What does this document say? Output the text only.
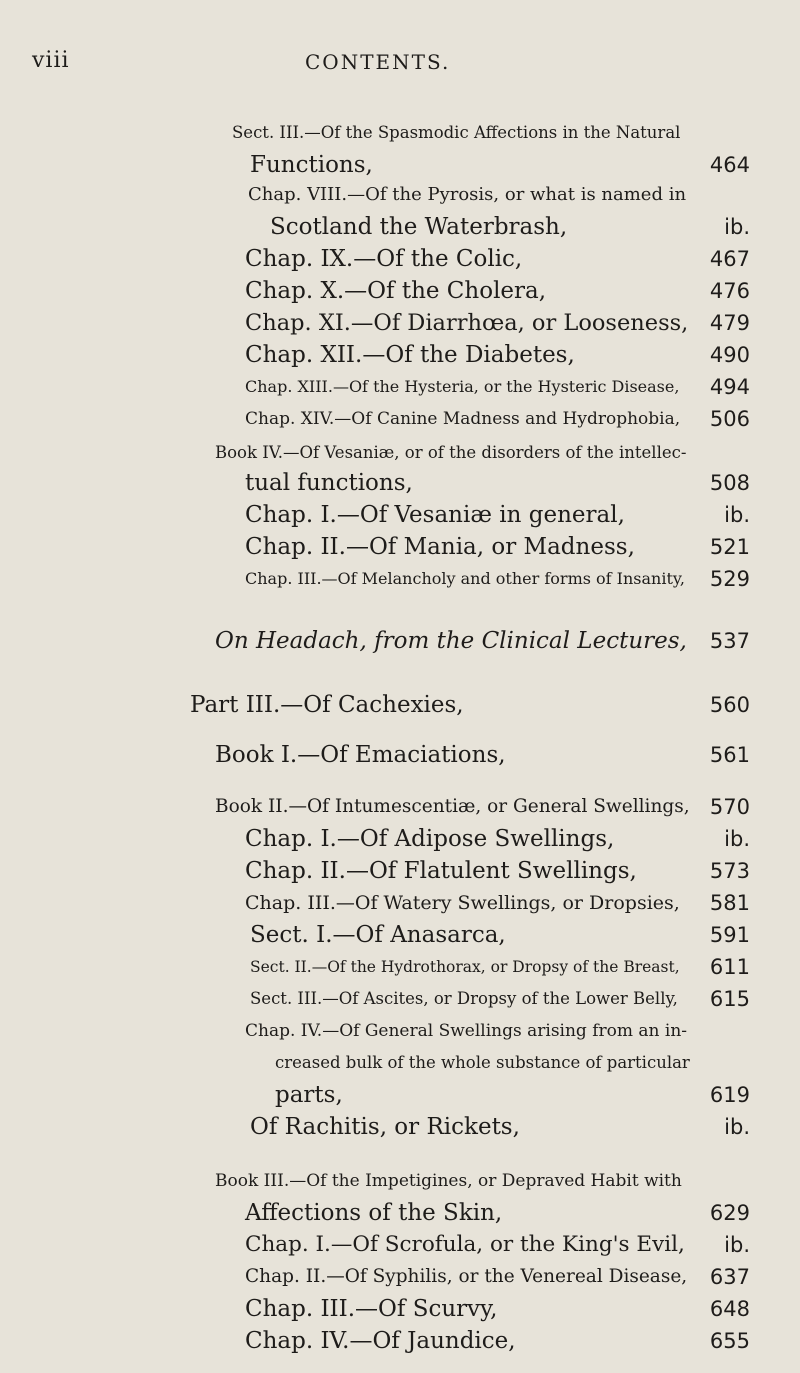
viii	CONTENTS.
Sect. III.—Of the Spasmodic Affections in the Natural
Functions,	464
Chap. VIII.—Of the Pyrosis, or what is named in
Scotland the Waterbrash,	ib.
Chap. IX.—Of the Colic,	467
Chap. X.—Of the Cholera,	476
Chap. XI.—Of Diarrhœa, or Looseness, 479
Chap. XII.—Of the Diabetes,	490
Chap. XIII.—Of the Hysteria, or the Hysteric Disease, 494
Chap. XIV.—Of Canine Madness and Hydrophobia, 506
Book IV.—Of Vesaniæ, or of the disorders of the intellec-
tual functions,	508
Chap. I.—Of Vesaniæ in general,	ib.
Chap. II.—Of Mania, or Madness,	521
Chap. III.—Of Melancholy and other forms of Insanity, 529
On Headach, from the Clinical Lectures, 537
Part III.—Of Cachexies,	560
Book I.—Of Emaciations,	561
Book II.—Of Intumescentiæ, or General Swellings, 570
Chap. I.—Of Adipose Swellings,	ib.
Chap. II.—Of Flatulent Swellings,	573
Chap. III.—Of Watery Swellings, or Dropsies, 581
Sect. I.—Of Anasarca,	591
Sect. II.—Of the Hydrothorax, or Dropsy of the Breast, 611
Sect. III.—Of Ascites, or Dropsy of the Lower Belly, 615
Chap. IV.—Of General Swellings arising from an in-
creased bulk of the whole substance of particular
parts,	619
Of Rachitis, or Rickets,	ib.
Book III.—Of the Impetigines, or Depraved Habit with
Affections of the Skin,	629
Chap. I.—Of Scrofula, or the King's Evil, ib.
Chap. II.—Of Syphilis, or the Venereal Disease, 637
Chap. III.—Of Scurvy,	648
Chap. IV.—Of Jaundice,	655
